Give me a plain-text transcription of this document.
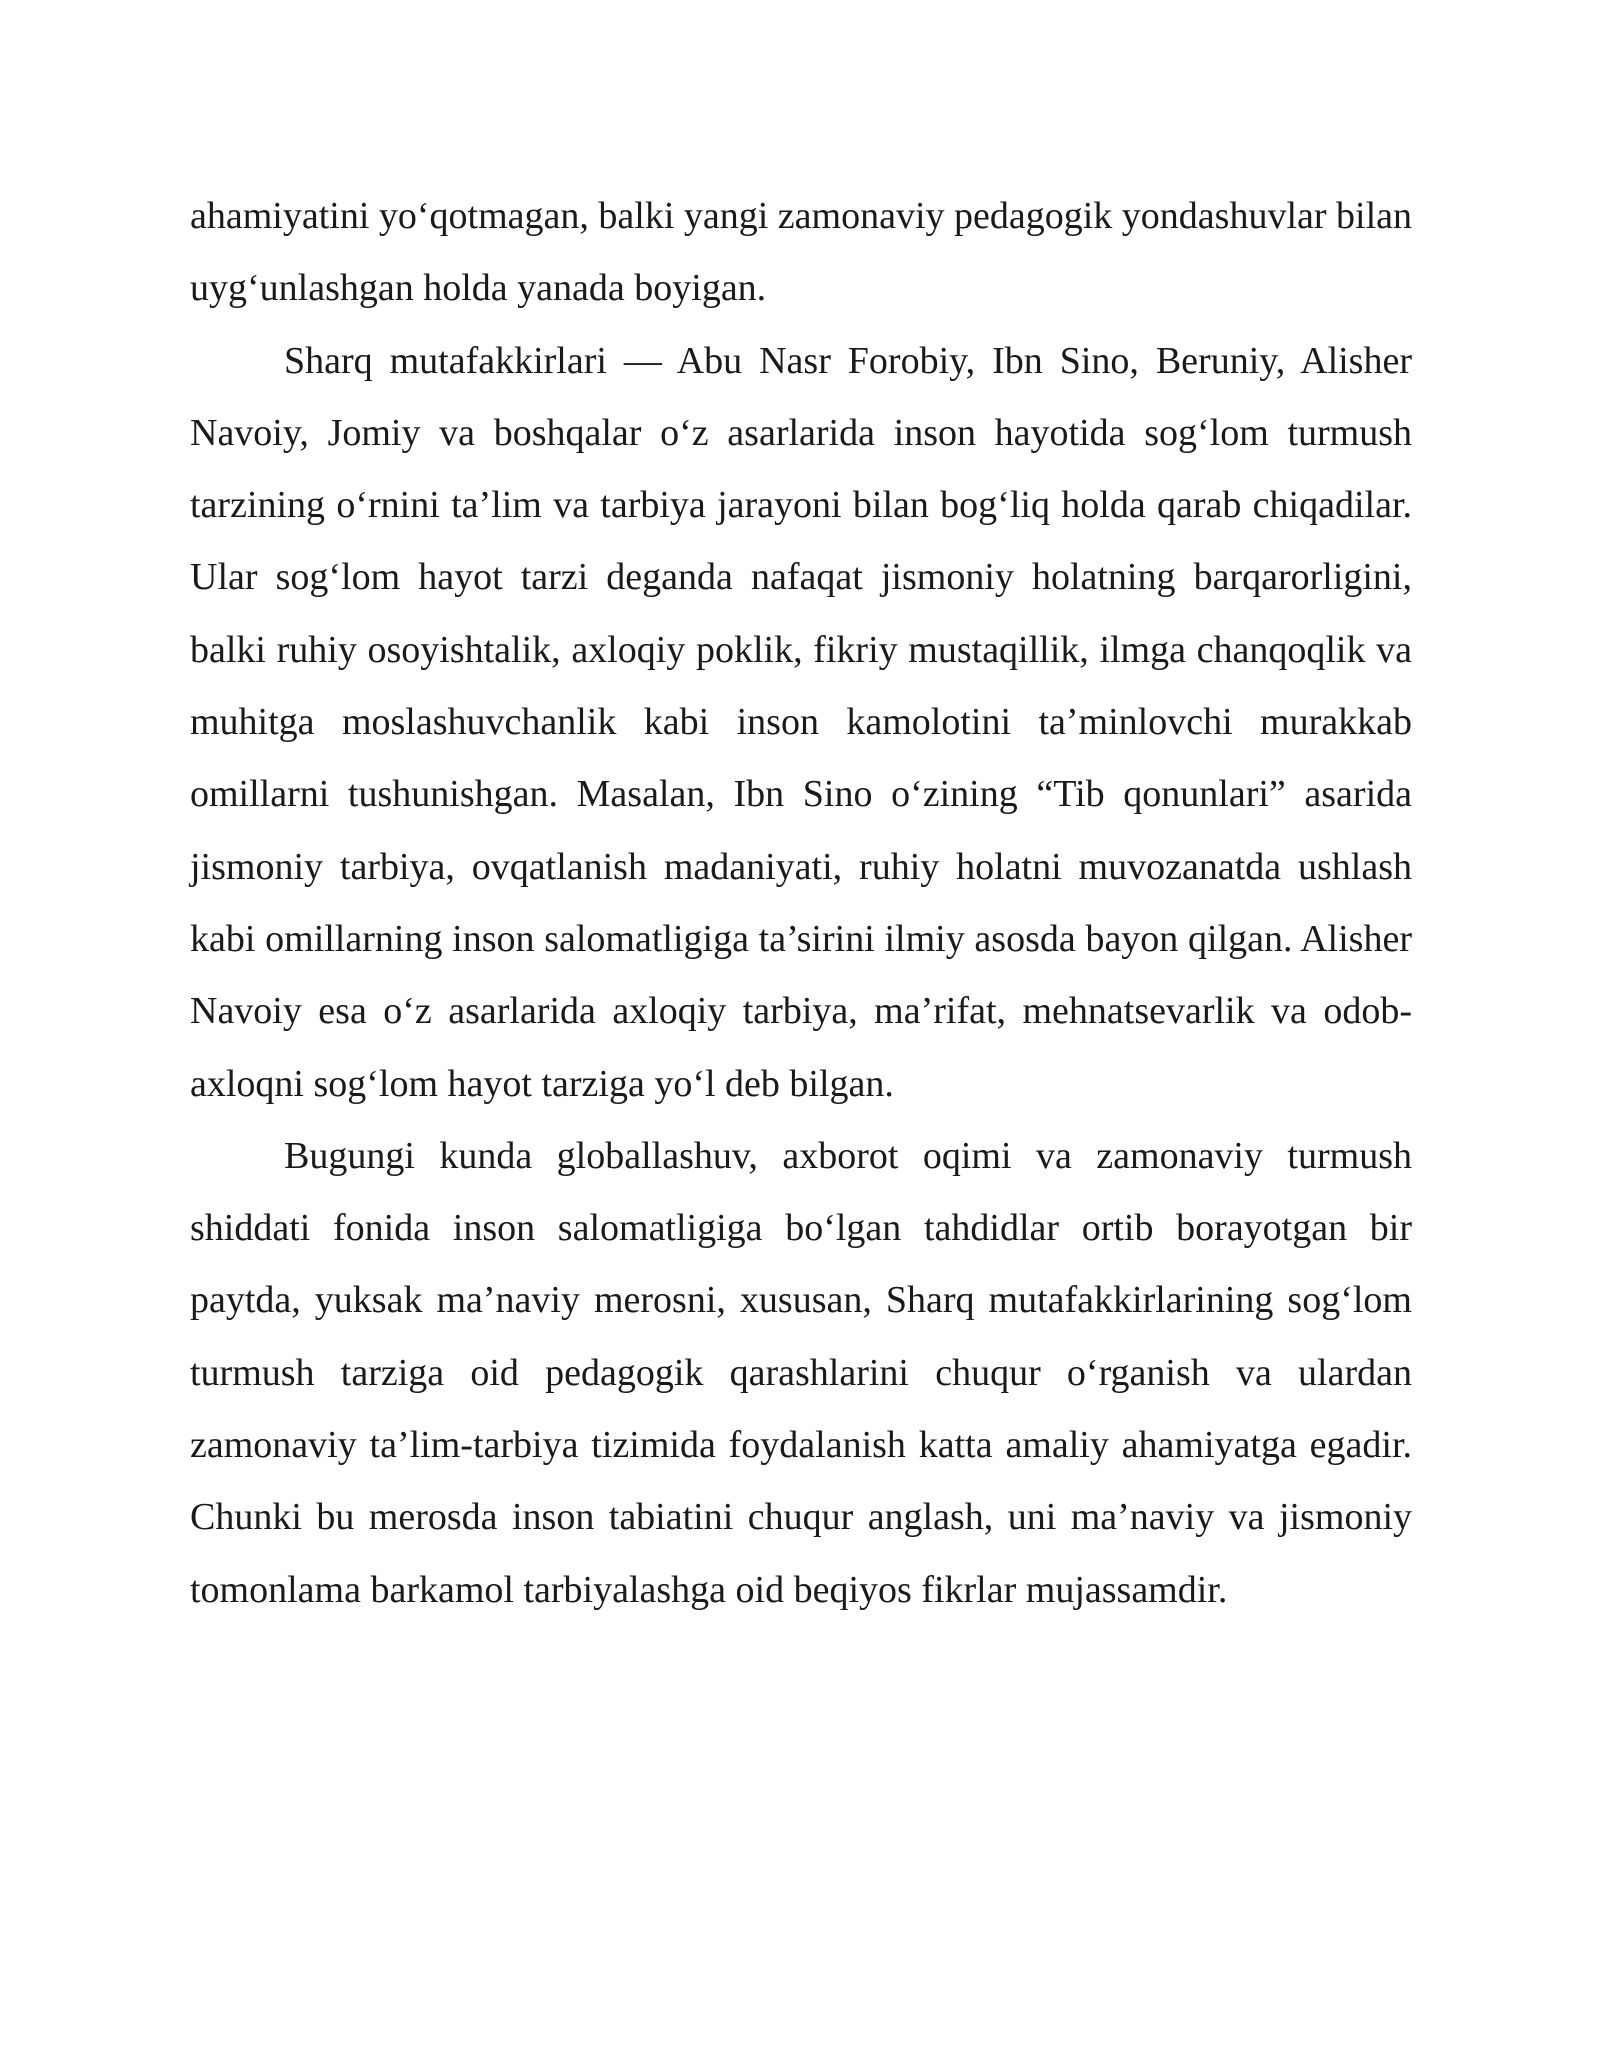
ahamiyatini yo‘qotmagan, balki yangi zamonaviy pedagogik yondashuvlar bilan uyg‘unlashgan holda yanada boyigan.

Sharq mutafakkirlari — Abu Nasr Forobiy, Ibn Sino, Beruniy, Alisher Navoiy, Jomiy va boshqalar o‘z asarlarida inson hayotida sog‘lom turmush tarzining o‘rnini ta’lim va tarbiya jarayoni bilan bog‘liq holda qarab chiqadilar. Ular sog‘lom hayot tarzi deganda nafaqat jismoniy holatning barqarorligini, balki ruhiy osoyishtalik, axloqiy poklik, fikriy mustaqillik, ilmga chanqoqlik va muhitga moslashuvchanlik kabi inson kamolotini ta’minlovchi murakkab omillarni tushunishgan. Masalan, Ibn Sino o‘zining “Tib qonunlari” asarida jismoniy tarbiya, ovqatlanish madaniyati, ruhiy holatni muvozanatda ushlash kabi omillarning inson salomatligiga ta’sirini ilmiy asosda bayon qilgan. Alisher Navoiy esa o‘z asarlarida axloqiy tarbiya, ma’rifat, mehnatsevarlik va odob-axloqni sog‘lom hayot tarziga yo‘l deb bilgan.

Bugungi kunda globallashuv, axborot oqimi va zamonaviy turmush shiddati fonida inson salomatligiga bo‘lgan tahdidlar ortib borayotgan bir paytda, yuksak ma’naviy merosni, xususan, Sharq mutafakkirlarining sog‘lom turmush tarziga oid pedagogik qarashlarini chuqur o‘rganish va ulardan zamonaviy ta’lim-tarbiya tizimida foydalanish katta amaliy ahamiyatga egadir. Chunki bu merosda inson tabiatini chuqur anglash, uni ma’naviy va jismoniy tomonlama barkamol tarbiyalashga oid beqiyos fikrlar mujassamdir.
